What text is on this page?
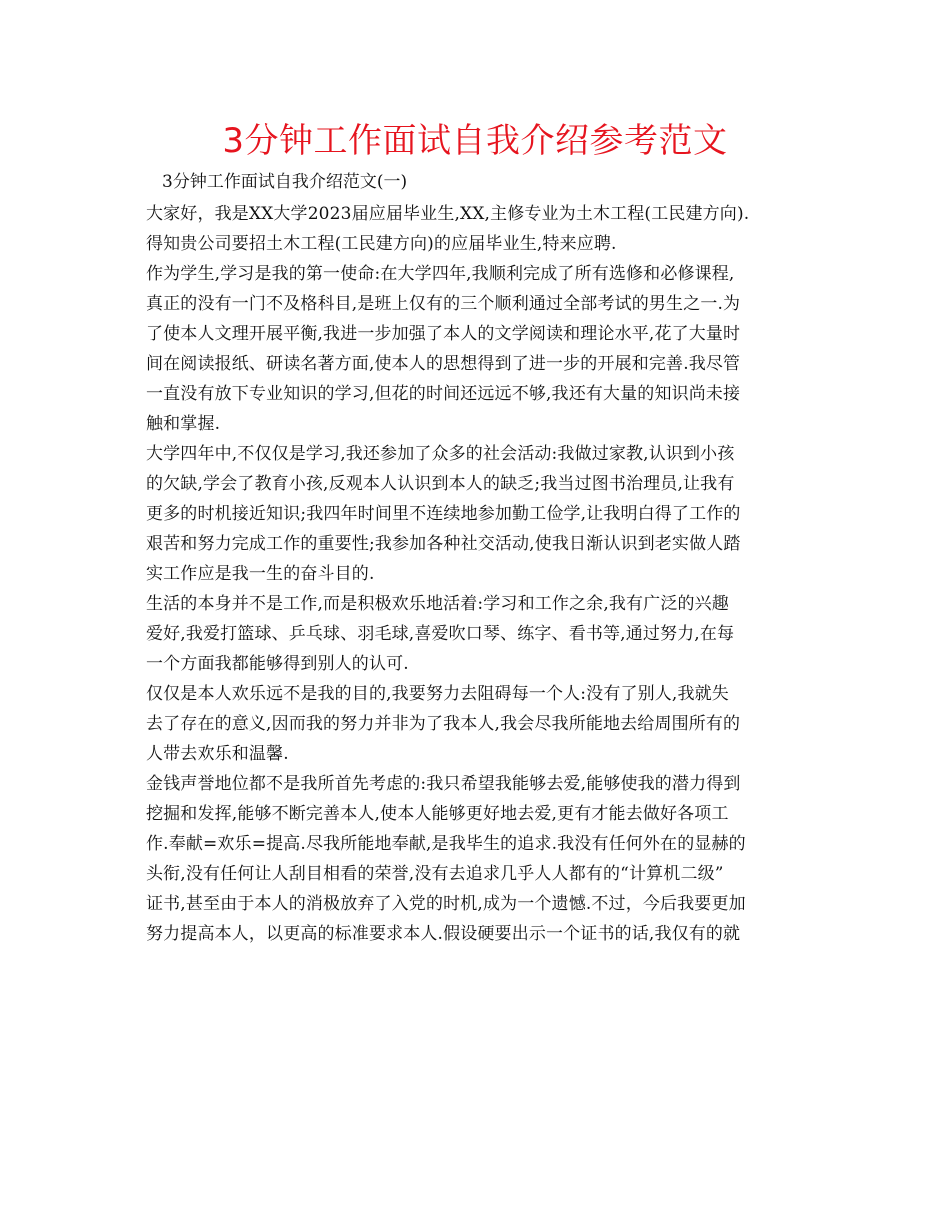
3分钟工作面试自我介绍参考范文
3分钟工作面试自我介绍范文(一)
大家好，我是XX大学2023届应届毕业生,XX,主修专业为土木工程(工民建方向).
得知贵公司要招土木工程(工民建方向)的应届毕业生,特来应聘.
作为学生,学习是我的第一使命:在大学四年,我顺利完成了所有选修和必修课程,
真正的没有一门不及格科目,是班上仅有的三个顺利通过全部考试的男生之一.为
了使本人文理开展平衡,我进一步加强了本人的文学阅读和理论水平,花了大量时
间在阅读报纸、研读名著方面,使本人的思想得到了进一步的开展和完善.我尽管
一直没有放下专业知识的学习,但花的时间还远远不够,我还有大量的知识尚未接
触和掌握.
大学四年中,不仅仅是学习,我还参加了众多的社会活动:我做过家教,认识到小孩
的欠缺,学会了教育小孩,反观本人认识到本人的缺乏;我当过图书治理员,让我有
更多的时机接近知识;我四年时间里不连续地参加勤工俭学,让我明白得了工作的
艰苦和努力完成工作的重要性;我参加各种社交活动,使我日渐认识到老实做人踏
实工作应是我一生的奋斗目的.
生活的本身并不是工作,而是积极欢乐地活着:学习和工作之余,我有广泛的兴趣
爱好,我爱打篮球、乒乓球、羽毛球,喜爱吹口琴、练字、看书等,通过努力,在每
一个方面我都能够得到别人的认可.
仅仅是本人欢乐远不是我的目的,我要努力去阻碍每一个人:没有了别人,我就失
去了存在的意义,因而我的努力并非为了我本人,我会尽我所能地去给周围所有的
人带去欢乐和温馨.
金钱声誉地位都不是我所首先考虑的:我只希望我能够去爱,能够使我的潜力得到
挖掘和发挥,能够不断完善本人,使本人能够更好地去爱,更有才能去做好各项工
作.奉献=欢乐=提高.尽我所能地奉献,是我毕生的追求.我没有任何外在的显赫的
头衔,没有任何让人刮目相看的荣誉,没有去追求几乎人人都有的“计算机二级”
证书,甚至由于本人的消极放弃了入党的时机,成为一个遗憾.不过，今后我要更加
努力提高本人，以更高的标准要求本人.假设硬要出示一个证书的话,我仅有的就
